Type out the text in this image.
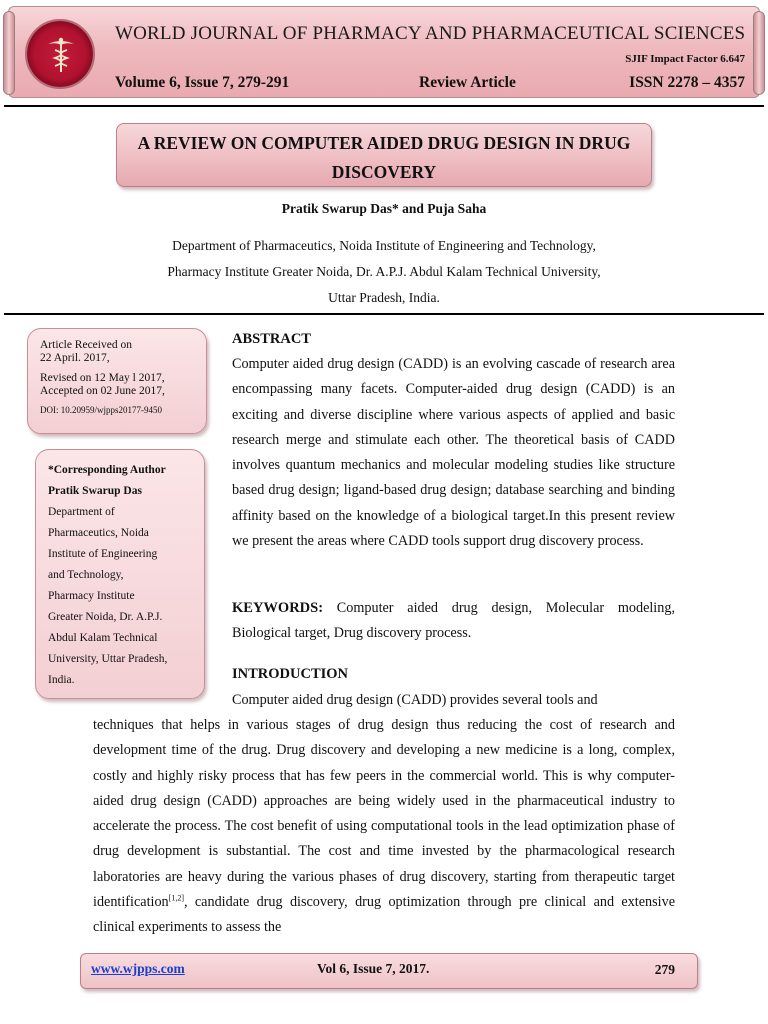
WORLD JOURNAL OF PHARMACY AND PHARMACEUTICAL SCIENCES
SJIF Impact Factor 6.647
Volume 6, Issue 7, 279-291	Review Article	ISSN 2278 – 4357
A REVIEW ON COMPUTER AIDED DRUG DESIGN IN DRUG
DISCOVERY
Pratik Swarup Das* and Puja Saha
Department of Pharmaceutics, Noida Institute of Engineering and Technology,
Pharmacy Institute Greater Noida, Dr. A.P.J. Abdul Kalam Technical University,
Uttar Pradesh, India.
Article Received on
22 April. 2017,
Revised on 12 May l 2017,
Accepted on 02 June 2017,
DOI: 10.20959/wjpps20177-9450
*Corresponding Author
Pratik Swarup Das
Department of
Pharmaceutics, Noida
Institute of Engineering
and Technology,
Pharmacy Institute
Greater Noida, Dr. A.P.J.
Abdul Kalam Technical
University, Uttar Pradesh,
India.
ABSTRACT
Computer aided drug design (CADD) is an evolving cascade of research area encompassing many facets. Computer-aided drug design (CADD) is an exciting and diverse discipline where various aspects of applied and basic research merge and stimulate each other. The theoretical basis of CADD involves quantum mechanics and molecular modeling studies like structure based drug design; ligand-based drug design; database searching and binding affinity based on the knowledge of a biological target.In this present review we present the areas where CADD tools support drug discovery process.
KEYWORDS: Computer aided drug design, Molecular modeling, Biological target, Drug discovery process.
INTRODUCTION
Computer aided drug design (CADD) provides several tools and
techniques that helps in various stages of drug design thus reducing the cost of research and development time of the drug. Drug discovery and developing a new medicine is a long, complex, costly and highly risky process that has few peers in the commercial world. This is why computer-aided drug design (CADD) approaches are being widely used in the pharmaceutical industry to accelerate the process. The cost benefit of using computational tools in the lead optimization phase of drug development is substantial. The cost and time invested by the pharmacological research laboratories are heavy during the various phases of drug discovery, starting from therapeutic target identification[1,2], candidate drug discovery, drug optimization through pre clinical and extensive clinical experiments to assess the
www.wjpps.com	Vol 6, Issue 7, 2017.	279
